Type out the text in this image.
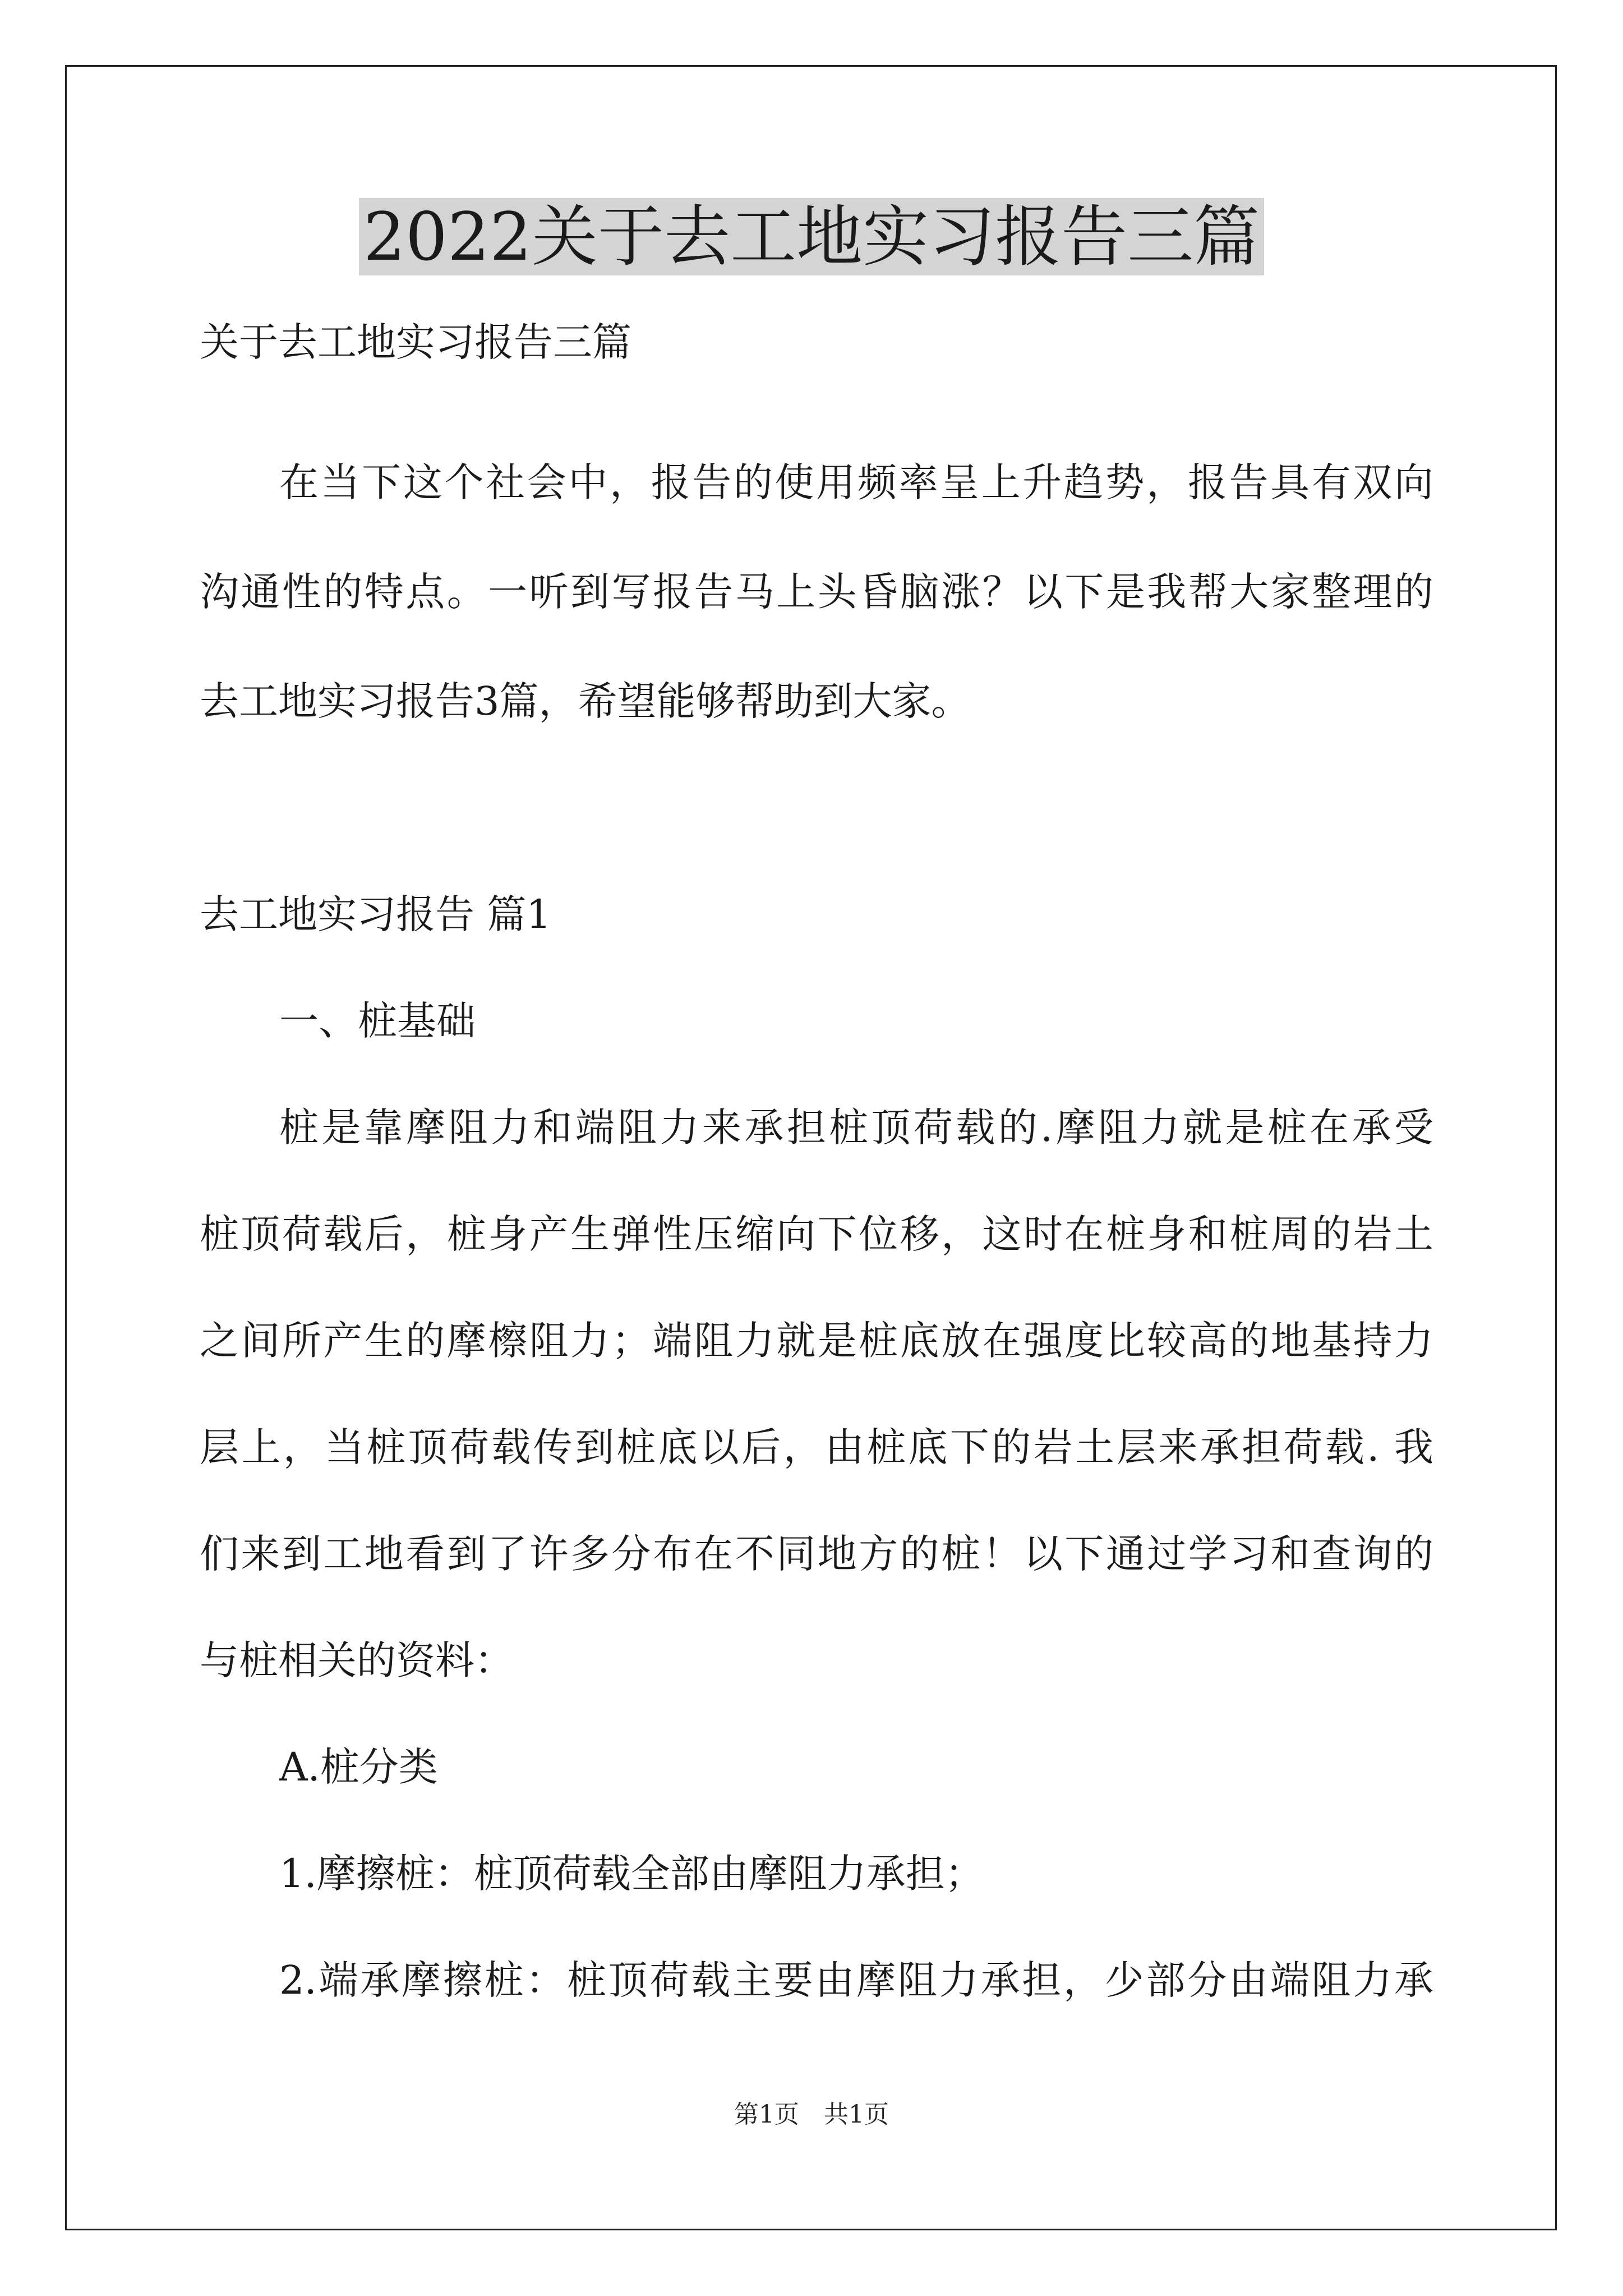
2022关于去工地实习报告三篇
关于去工地实习报告三篇
在当下这个社会中，报告的使用频率呈上升趋势，报告具有双向
沟通性的特点。一听到写报告马上头昏脑涨？以下是我帮大家整理的
去工地实习报告3篇，希望能够帮助到大家。
去工地实习报告 篇1
一、桩基础
桩是靠摩阻力和端阻力来承担桩顶荷载的.摩阻力就是桩在承受
桩顶荷载后，桩身产生弹性压缩向下位移，这时在桩身和桩周的岩土
之间所产生的摩檫阻力；端阻力就是桩底放在强度比较高的地基持力
层上，当桩顶荷载传到桩底以后，由桩底下的岩土层来承担荷载. 我
们来到工地看到了许多分布在不同地方的桩！以下通过学习和查询的
与桩相关的资料：
A.桩分类
1.摩擦桩：桩顶荷载全部由摩阻力承担；
2.端承摩擦桩：桩顶荷载主要由摩阻力承担，少部分由端阻力承
第1页 共1页
